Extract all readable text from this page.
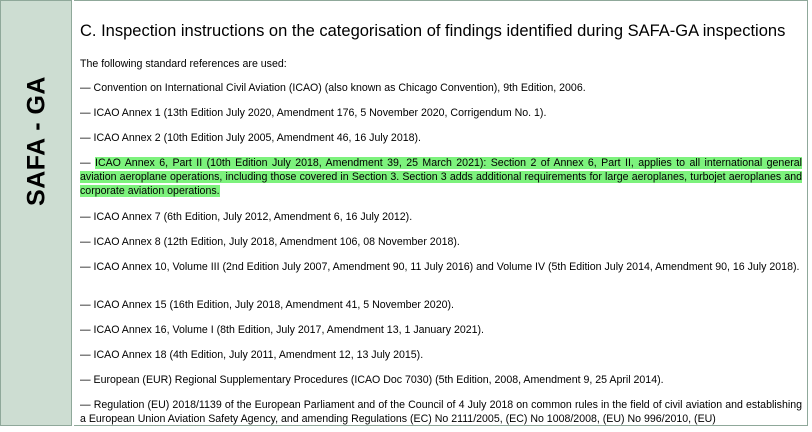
SAFA - GA
C. Inspection instructions on the categorisation of findings identified during SAFA-GA inspections
The following standard references are used:
— Convention on International Civil Aviation (ICAO) (also known as Chicago Convention), 9th Edition, 2006.
— ICAO Annex 1 (13th Edition July 2020, Amendment 176, 5 November 2020, Corrigendum No. 1).
— ICAO Annex 2 (10th Edition July 2005, Amendment 46, 16 July 2018).
— ICAO Annex 6, Part II (10th Edition July 2018, Amendment 39, 25 March 2021): Section 2 of Annex 6, Part II, applies to all international general aviation aeroplane operations, including those covered in Section 3. Section 3 adds additional requirements for large aeroplanes, turbojet aeroplanes and corporate aviation operations.
— ICAO Annex 7 (6th Edition, July 2012, Amendment 6, 16 July 2012).
— ICAO Annex 8 (12th Edition, July 2018, Amendment 106, 08 November 2018).
— ICAO Annex 10, Volume III (2nd Edition July 2007, Amendment 90, 11 July 2016) and Volume IV (5th Edition July 2014, Amendment 90, 16 July 2018).
— ICAO Annex 15 (16th Edition, July 2018, Amendment 41, 5 November 2020).
— ICAO Annex 16, Volume I (8th Edition, July 2017, Amendment 13, 1 January 2021).
— ICAO Annex 18 (4th Edition, July 2011, Amendment 12, 13 July 2015).
— European (EUR) Regional Supplementary Procedures (ICAO Doc 7030) (5th Edition, 2008, Amendment 9, 25 April 2014).
— Regulation (EU) 2018/1139 of the European Parliament and of the Council of 4 July 2018 on common rules in the field of civil aviation and establishing a European Union Aviation Safety Agency, and amending Regulations (EC) No 2111/2005, (EC) No 1008/2008, (EU) No 996/2010, (EU)
